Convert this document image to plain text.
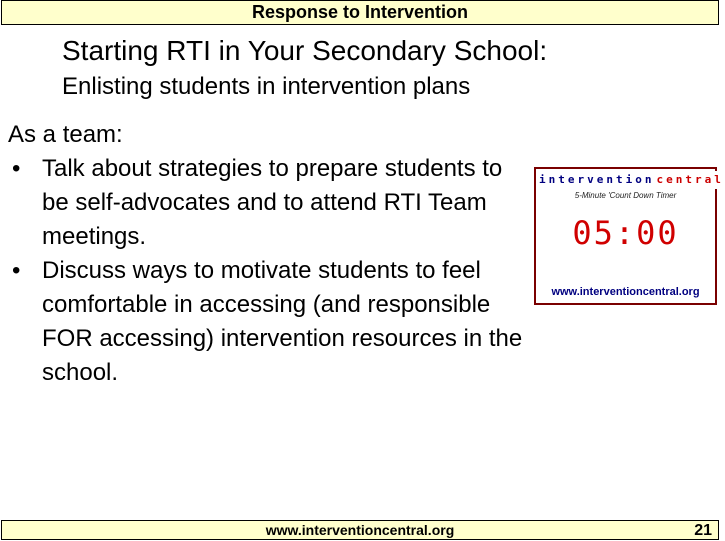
Response to Intervention
Starting RTI in Your Secondary School:
Enlisting students in intervention plans

As a team:

• Talk about strategies to prepare students to be self-advocates and to attend RTI Team meetings.

• Discuss ways to motivate students to feel comfortable in accessing (and responsible FOR accessing) intervention resources in the school.

intervention central
5-Minute 'Count Down Timer
05:00
www.interventioncentral.org
www.interventioncentral.org	21
